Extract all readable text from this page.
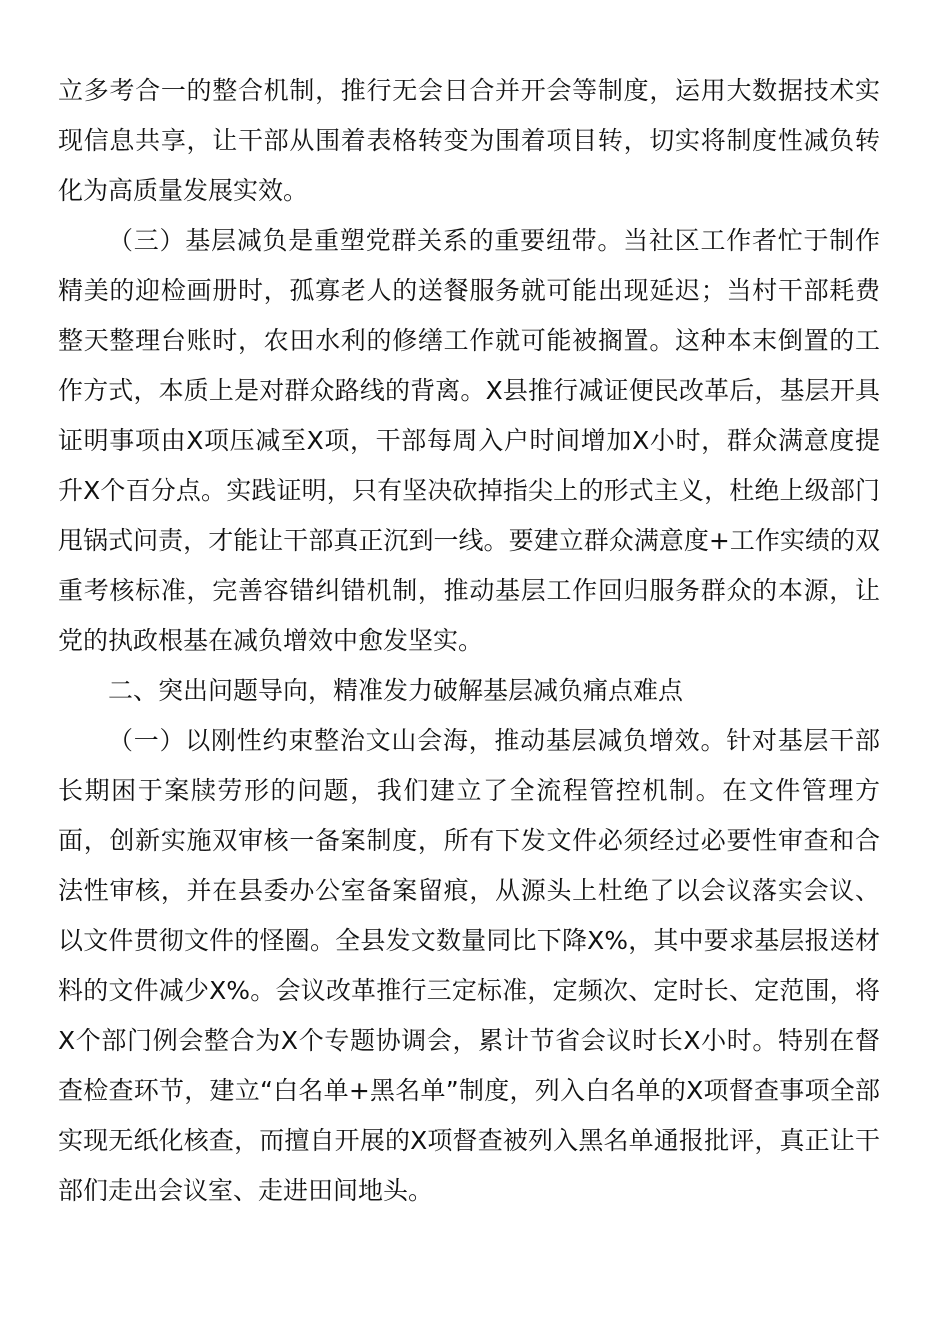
立多考合一的整合机制，推行无会日合并开会等制度，运用大数据技术实现信息共享，让干部从围着表格转变为围着项目转，切实将制度性减负转化为高质量发展实效。

（三）基层减负是重塑党群关系的重要纽带。当社区工作者忙于制作精美的迎检画册时，孤寡老人的送餐服务就可能出现延迟；当村干部耗费整天整理台账时，农田水利的修缮工作就可能被搁置。这种本末倒置的工作方式，本质上是对群众路线的背离。X县推行减证便民改革后，基层开具证明事项由X项压减至X项，干部每周入户时间增加X小时，群众满意度提升X个百分点。实践证明，只有坚决砍掉指尖上的形式主义，杜绝上级部门甩锅式问责，才能让干部真正沉到一线。要建立群众满意度+工作实绩的双重考核标准，完善容错纠错机制，推动基层工作回归服务群众的本源，让党的执政根基在减负增效中愈发坚实。

二、突出问题导向，精准发力破解基层减负痛点难点

（一）以刚性约束整治文山会海，推动基层减负增效。针对基层干部长期困于案牍劳形的问题，我们建立了全流程管控机制。在文件管理方面，创新实施双审核一备案制度，所有下发文件必须经过必要性审查和合法性审核，并在县委办公室备案留痕，从源头上杜绝了以会议落实会议、以文件贯彻文件的怪圈。全县发文数量同比下降X%，其中要求基层报送材料的文件减少X%。会议改革推行三定标准，定频次、定时长、定范围，将X个部门例会整合为X个专题协调会，累计节省会议时长X小时。特别在督查检查环节，建立“白名单+黑名单”制度，列入白名单的X项督查事项全部实现无纸化核查，而擅自开展的X项督查被列入黑名单通报批评，真正让干部们走出会议室、走进田间地头。
